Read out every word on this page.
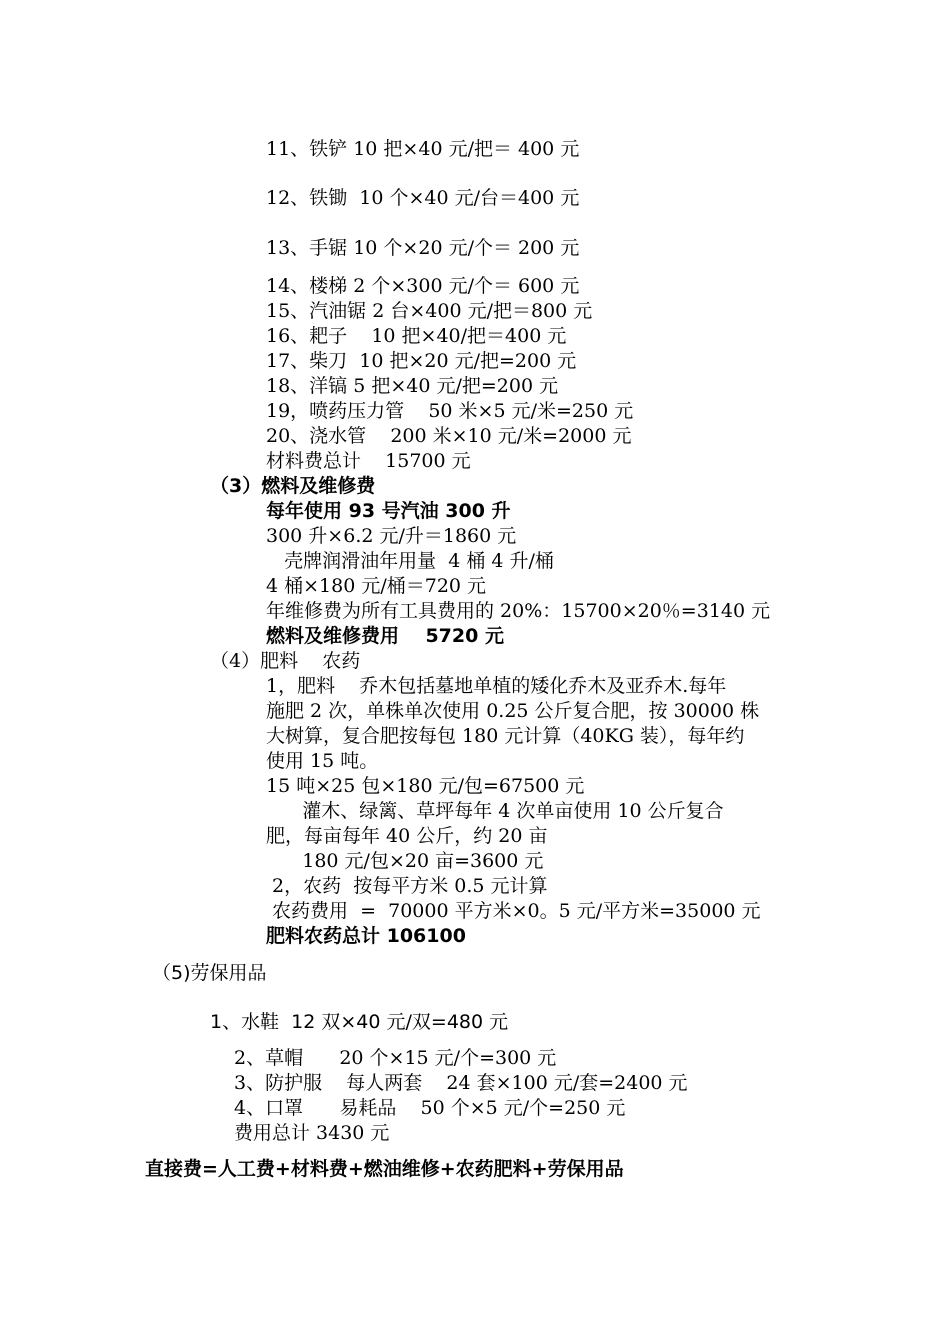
11、铁铲 10 把×40 元/把＝ 400 元

12、铁锄  10 个×40 元/台＝400 元

13、手锯 10 个×20 元/个＝ 200 元

14、楼梯 2 个×300 元/个＝ 600 元

15、汽油锯 2 台×400 元/把＝800 元

16、耙子    10 把×40/把＝400 元

17、柴刀  10 把×20 元/把=200 元

18、洋镐 5 把×40 元/把=200 元

19，喷药压力管    50 米×5 元/米=250 元

20、浇水管    200 米×10 元/米=2000 元

材料费总计    15700 元

（3）燃料及维修费

每年使用 93 号汽油 300 升

300 升×6.2 元/升＝1860 元

壳牌润滑油年用量  4 桶 4 升/桶

4 桶×180 元/桶＝720 元

年维修费为所有工具费用的 20%：15700×20％=3140 元

燃料及维修费用    5720 元

（4）肥料    农药

1，肥料    乔木包括墓地单植的矮化乔木及亚乔木.每年

施肥 2 次，单株单次使用 0.25 公斤复合肥，按 30000 株

大树算，复合肥按每包 180 元计算（40KG 装），每年约

使用 15 吨。

15 吨×25 包×180 元/包=67500 元

灌木、绿篱、草坪每年 4 次单亩使用 10 公斤复合

肥，每亩每年 40 公斤，约 20 亩

180 元/包×20 亩=3600 元

2，农药  按每平方米 0.5 元计算

农药费用  =  70000 平方米×0。5 元/平方米=35000 元

肥料农药总计 106100

（5)劳保用品

1、水鞋  12 双×40 元/双=480 元

2、草帽      20 个×15 元/个=300 元

3、防护服    每人两套    24 套×100 元/套=2400 元

4、口罩      易耗品    50 个×5 元/个=250 元

费用总计 3430 元

直接费=人工费+材料费+燃油维修+农药肥料+劳保用品
